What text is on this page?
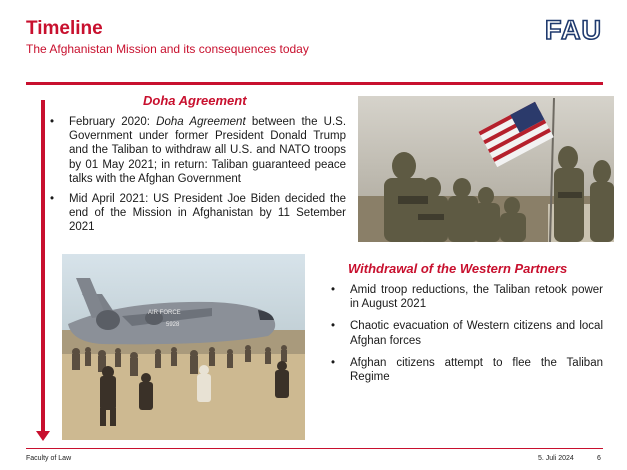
Timeline
The Afghanistan Mission and its consequences today
FAU
Doha Agreement
• February 2020: Doha Agreement between the U.S. Government under former President Donald Trump and the Taliban to withdraw all U.S. and NATO troops by 01 May 2021; in return: Taliban guaranteed peace talks with the Afghan Government
• Mid April 2021: US President Joe Biden decided the end of the Mission in Afghanistan by 11 Setember 2021
AIR FORCE
5928
Withdrawal of the Western Partners
• Amid troop reductions, the Taliban retook power in August 2021
• Chaotic evacuation of Western citizens and local Afghan forces
• Afghan citizens attempt to flee the Taliban Regime
Faculty of Law	5. Juli 2024	6
